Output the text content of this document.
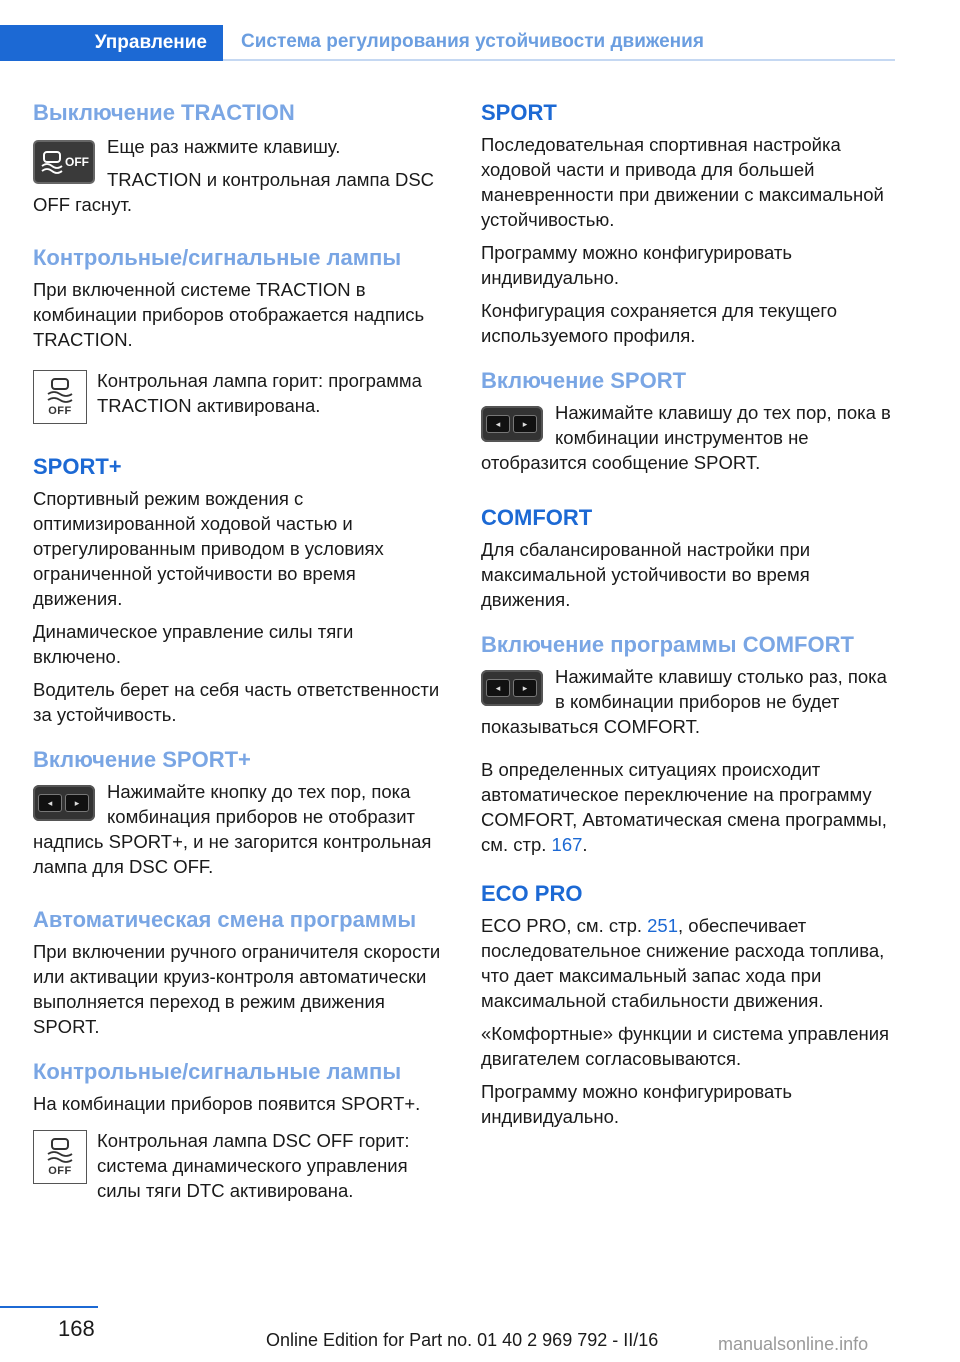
Управление	Система регулирования устойчивости движения
Выключение TRACTION
OFF

Еще раз нажмите клавишу.

TRACTION и контрольная лампа DSC OFF гаснут.

Контрольные/сигнальные лампы

При включенной системе TRACTION в комбинации приборов отображается надпись TRACTION.

OFF

Контрольная лампа горит: программа TRACTION активирована.

SPORT+

Спортивный режим вождения с оптимизированной ходовой частью и отрегулированным приводом в условиях ограниченной устойчивости во время движения.

Динамическое управление силы тяги включено.

Водитель берет на себя часть ответственности за устойчивость.

Включение SPORT+
◂	▸

Нажимайте кнопку до тех пор, пока комбинация приборов не отобразит надпись SPORT+, и не загорится контрольная лампа для DSC OFF.

Автоматическая смена программы

При включении ручного ограничителя скорости или активации круиз-контроля автоматически выполняется переход в режим движения SPORT.

Контрольные/сигнальные лампы

На комбинации приборов появится SPORT+.

OFF

Контрольная лампа DSC OFF горит: система динамического управления силы тяги DTC активирована.

SPORT

Последовательная спортивная настройка ходовой части и привода для большей маневренности при движении с максимальной устойчивостью.

Программу можно конфигурировать индивидуально.

Конфигурация сохраняется для текущего используемого профиля.

Включение SPORT
◂	▸

Нажимайте клавишу до тех пор, пока в комбинации инструментов не отобразится сообщение SPORT.

COMFORT

Для сбалансированной настройки при максимальной устойчивости во время движения.

Включение программы COMFORT
◂	▸

Нажимайте клавишу столько раз, пока в комбинации приборов не будет показываться COMFORT.

В определенных ситуациях происходит автоматическое переключение на программу COMFORT, Автоматическая смена программы, см. стр. 167.

ECO PRO

ECO PRO, см. стр. 251, обеспечивает последовательное снижение расхода топлива, что дает максимальный запас хода при максимальной стабильности движения.

«Комфортные» функции и система управления двигателем согласовываются.

Программу можно конфигурировать индивидуально.

168	Online Edition for Part no. 01 40 2 969 792 - II/16	manualsonline.info
